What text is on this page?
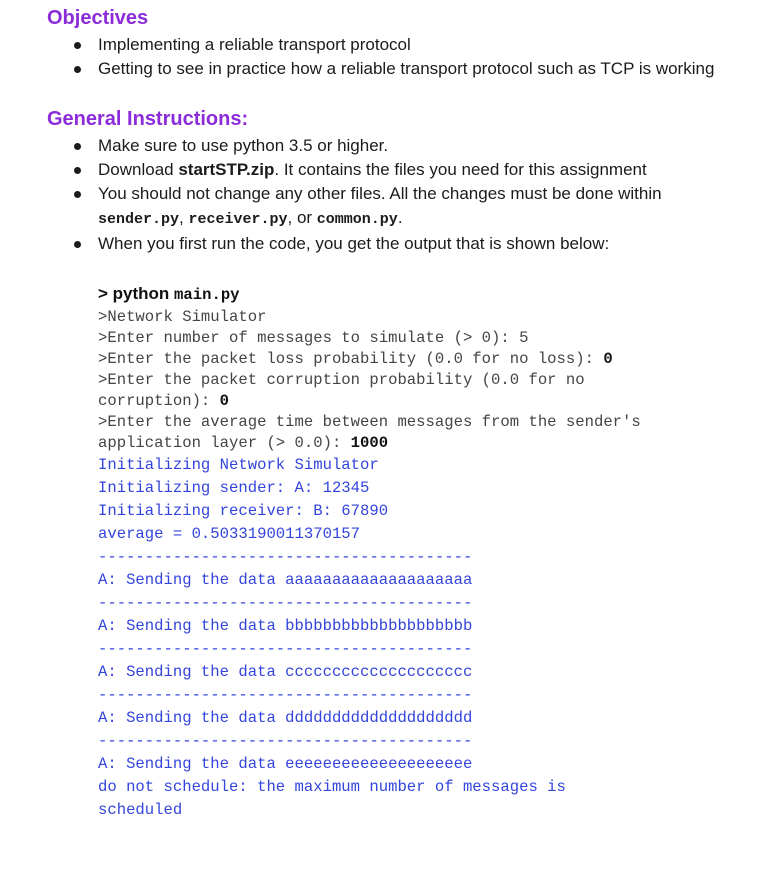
Objectives
Implementing a reliable transport protocol
Getting to see in practice how a reliable transport protocol such as TCP is working
General Instructions:
Make sure to use python 3.5 or higher.
Download startSTP.zip. It contains the files you need for this assignment
You should not change any other files. All the changes must be done within sender.py, receiver.py, or common.py.
When you first run the code, you get the output that is shown below:
> python main.py
>Network Simulator
>Enter number of messages to simulate (> 0): 5
>Enter the packet loss probability (0.0 for no loss): 0
>Enter the packet corruption probability (0.0 for no
corruption): 0
>Enter the average time between messages from the sender's
application layer (> 0.0): 1000
Initializing Network Simulator
Initializing sender: A: 12345
Initializing receiver: B: 67890
average = 0.5033190011370157
----------------------------------------
A: Sending the data aaaaaaaaaaaaaaaaaaaa
----------------------------------------
A: Sending the data bbbbbbbbbbbbbbbbbbbb
----------------------------------------
A: Sending the data cccccccccccccccccccc
----------------------------------------
A: Sending the data dddddddddddddddddddd
----------------------------------------
A: Sending the data eeeeeeeeeeeeeeeeeeee
do not schedule: the maximum number of messages is
scheduled
